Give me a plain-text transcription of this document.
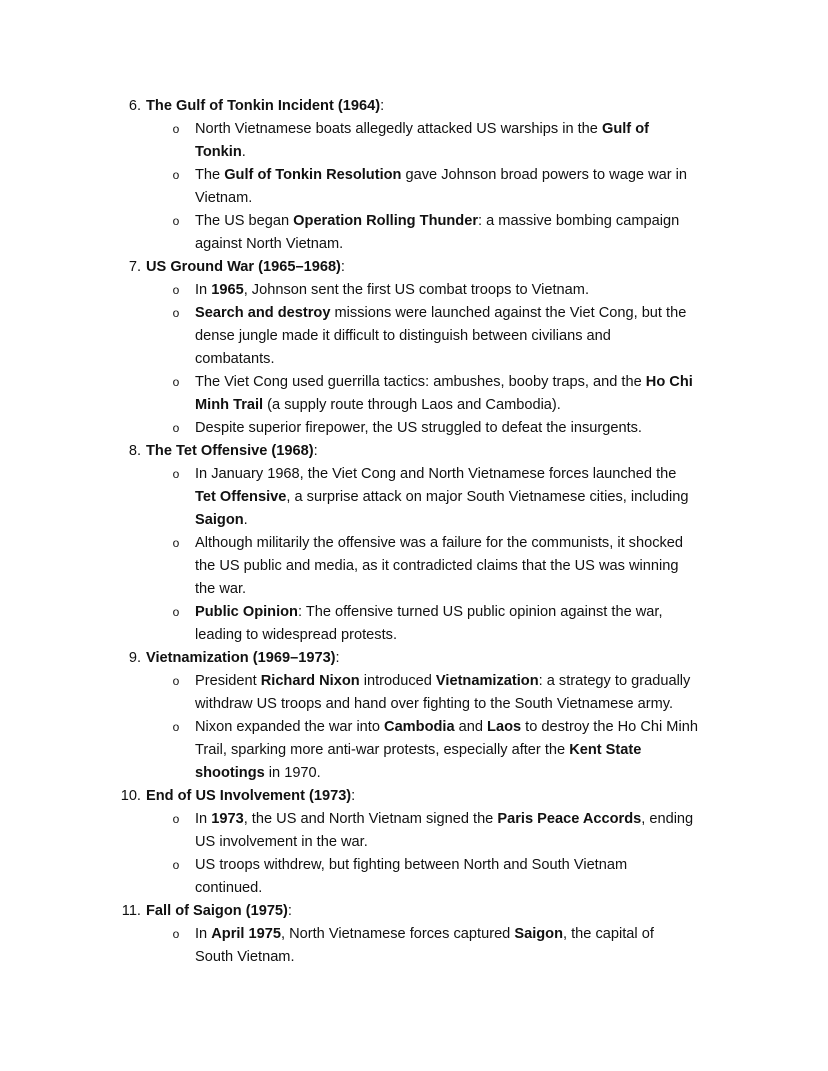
6. The Gulf of Tonkin Incident (1964):
o North Vietnamese boats allegedly attacked US warships in the Gulf of
Tonkin.
o The Gulf of Tonkin Resolution gave Johnson broad powers to wage war in
Vietnam.
o The US began Operation Rolling Thunder: a massive bombing campaign
against North Vietnam.
7. US Ground War (1965–1968):
o In 1965, Johnson sent the first US combat troops to Vietnam.
o Search and destroy missions were launched against the Viet Cong, but the
dense jungle made it difficult to distinguish between civilians and
combatants.
o The Viet Cong used guerrilla tactics: ambushes, booby traps, and the Ho Chi
Minh Trail (a supply route through Laos and Cambodia).
o Despite superior firepower, the US struggled to defeat the insurgents.
8. The Tet Offensive (1968):
o In January 1968, the Viet Cong and North Vietnamese forces launched the
Tet Offensive, a surprise attack on major South Vietnamese cities, including
Saigon.
o Although militarily the offensive was a failure for the communists, it shocked
the US public and media, as it contradicted claims that the US was winning
the war.
o Public Opinion: The offensive turned US public opinion against the war,
leading to widespread protests.
9. Vietnamization (1969–1973):
o President Richard Nixon introduced Vietnamization: a strategy to gradually
withdraw US troops and hand over fighting to the South Vietnamese army.
o Nixon expanded the war into Cambodia and Laos to destroy the Ho Chi Minh
Trail, sparking more anti-war protests, especially after the Kent State
shootings in 1970.
10. End of US Involvement (1973):
o In 1973, the US and North Vietnam signed the Paris Peace Accords, ending
US involvement in the war.
o US troops withdrew, but fighting between North and South Vietnam
continued.
11. Fall of Saigon (1975):
o In April 1975, North Vietnamese forces captured Saigon, the capital of
South Vietnam.
